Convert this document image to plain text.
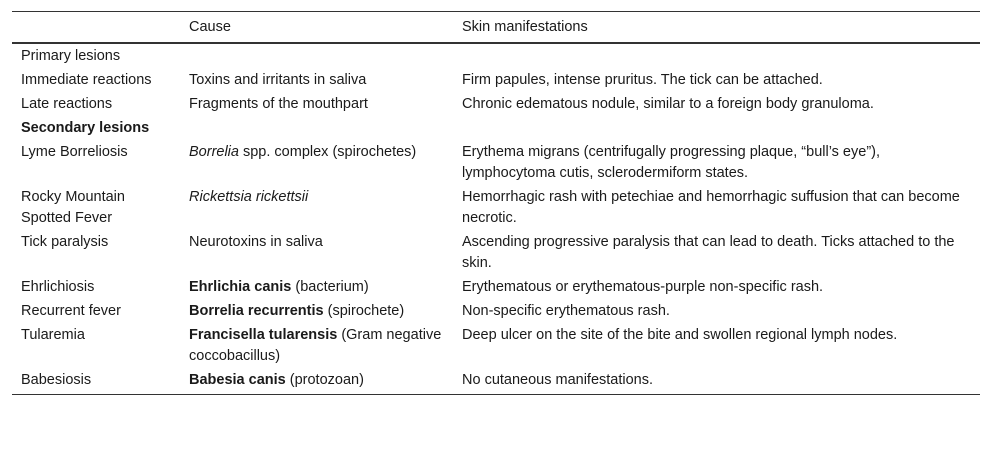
	Cause	Skin manifestations
Primary lesions		
Immediate reactions	Toxins and irritants in saliva	Firm papules, intense pruritus. The tick can be attached.
Late reactions	Fragments of the mouthpart	Chronic edematous nodule, similar to a foreign body granuloma.
Secondary lesions		
Lyme Borreliosis	Borrelia spp. complex (spirochetes)	Erythema migrans (centrifugally progressing plaque, “bull’s eye”), lymphocytoma cutis, sclerodermiform states.
Rocky Mountain Spotted Fever	Rickettsia rickettsii	Hemorrhagic rash with petechiae and hemorrhagic suffusion that can become necrotic.
Tick paralysis	Neurotoxins in saliva	Ascending progressive paralysis that can lead to death. Ticks attached to the skin.
Ehrlichiosis	Ehrlichia canis (bacterium)	Erythematous or erythematous-purple non-specific rash.
Recurrent fever	Borrelia recurrentis (spirochete)	Non-specific erythematous rash.
Tularemia	Francisella tularensis (Gram negative coccobacillus)	Deep ulcer on the site of the bite and swollen regional lymph nodes.
Babesiosis	Babesia canis (protozoan)	No cutaneous manifestations.
